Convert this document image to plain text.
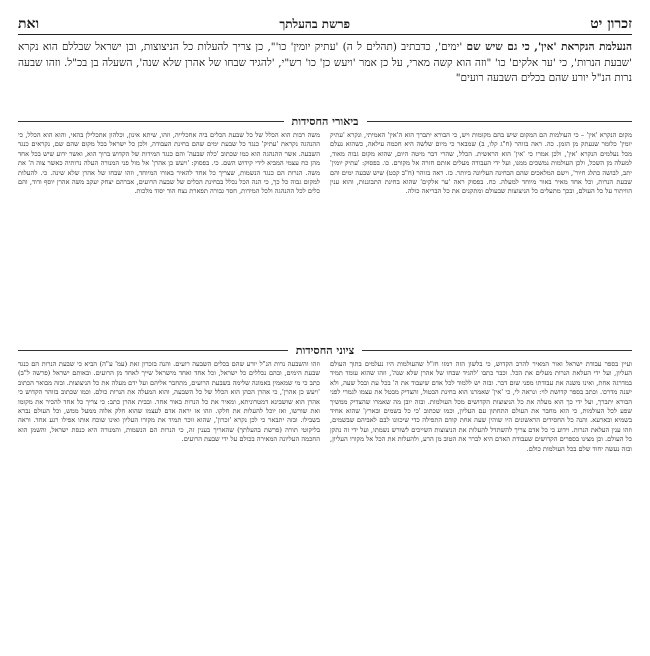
זכרון יט
פרשת בהעלתך
ואת
הנעלמת הנקראת 'אין', כי גם שיש שם 'ימים', כדבתיב (תהלים ל ה) 'עתיק יומין' כו'", כן צריך להעלות כל הניצוצות, ובן ישראל שבללם הוא נקרא 'שבעת הנרות', כי 'ער אלקים' כו' "וזה הוא קשה מארי, על כן אמר 'ויעש כן' כו' רש"י, 'להגיד שבחו של אהרן שלא שנה', השעלה בן בכ"ל. וזהו שבעה נרות הנ"ל יורע שהם בכלים השבעה רועים"
ביאורי החסידות
מקום הנקרא 'אין' – כי העולמות הם המקום שיש בהם מקומות ויש, כי הבורא יתברך הוא ה'אין' האמיתי, ונקרא 'עתיק יומין' כלומר שנעתק מן הזמן. כה. ראה בזוהר (ח"ג קלו, ב) שמבאר כי מיום שלשה היא חכמה עילאה, כשהוא נעלם מכל נעלמים הנקרא 'אין', ולכן אמרו כי 'אין' הוא הראשית. הכלל, שהרי דבר מיטה היום, שהוא מקום גבוה מאוד, למעלה מן השכל, ולכן העולמות נמשכים ממנו, ועל ידי העבודה מעלים אותם חזרה אל מקורם. כו. בפסוק: 'עתיק יומין' יתב, לבושה כתלג חיור', וישם המלאכים שהם הבחינה העליונה ביותר. כז. ראה בזוהר (ח"ב קכט) שיש שבעה ימים והם שבעת הנרות, וכל אחד מאיר באור מיוחד למעלה. כח. בפסוק ראה 'ער אלקים' שהוא בחינת התבוננות, והוא ענין הוויתור על כל העולם, ובכך מתעלים כל הניצוצות שבעולם ומתקנים את כל הבריאה כולה.
משה רבות הוא הכלל של כל שבעת הכלים ביה אחכלייה, וזהו, שיתא אינון, וכלהון אתכלילן בהאי, והוא הוא הכלל, כי ההנהגה נקראת 'עתיק' כנגד כל שבעת ימים שהם בחינת העבודה, ולכן כל ישראל בכל מקום שהם שם, נקראים כנגד השבעה. אשר ההנהגה הוא כמו שכתוב 'כלה שבעה' והם כנגד המידות של הקדוש ברוך הוא, ואשר ידוע שיש בכל אחד מהן כח עצמי המביא לידי קידוש השם. כי. בפסוק: 'ויעש כן אהרן' אל מול פני המנורה העלה נרותיה כאשר צוה ה' את משה. הנרות הם כנגד הנשמות, שצריך כל אחד להאיר באורו המיוחד, וזהו שבחו של אהרן שלא שינה. כי. להעלות למקום גבוה כל כך, כי הנה הכל נכלל בבחינת הכלים של שבעה הרועים, אברהם יצחק יעקב משה אהרן יוסף ודוד, והם כלים לכל ההנהגה ולכל המידות, חסד גבורה תפארת נצח הוד יסוד מלכות.
ציוני החסידות
ועיין בספר עבודת ישראל ואור המאיר להרב הקדוש, כי בלשון הזה רמזו חז"ל שהעולמות היו נעלמים בתוך העולם העליון, ועל ידי העלאת הנרות מעלים את הכל. וכבר כתבו 'להגיד שבחו של אהרן שלא שנה', וזהו שהוא עומד תמיד במדרגה אחת, ואינו משנה את עבודתו מפני שום דבר. ובזה יש ללמוד לכל אדם שיעבוד את ה' בכל עת ובכל שעה, ולא ישנה מדרכו. וכתב בספר קדושת לוי: ונראה לי, כי 'אין' שאמרנו הוא בחינת הבטול, והצדיק מבטל את עצמו לגמרי לפני הבורא יתברך, ועל ידי כך הוא מעלה את כל הניצוצות הקדושים מכל העולמות. ובזה יובן מה שאמרו שהצדיק ממשיך שפע לכל העולמות, כי הוא מחבר את העולם התחתון עם העליון, וכמו שכתוב 'כי כל בשמים ובארץ' שהוא אחיד בשמיא ובארעא. והנה כל החסידים הראשונים היו שוהין שעה אחת קודם התפילה כדי שיכוונו לבם לאביהם שבשמים, וזהו ענין העלאת הנרות. וידוע כי כל אדם צריך להשתדל להעלות את הניצוצות השייכים לשורש נשמתו, ועל ידי זה נתקן כל העולם. וכן מצינו בספרים הקדושים שעבודת האדם היא לברר את הטוב מן הרע, ולהעלות את הכל אל מקורו העליון, ובזה נעשה יחוד שלם בכל העולמות כולם.
וזהו והשבעה נרות הנ"ל יורע שהם בכלים השבעה רועים. והנה בזכרון זאת (עמ' ע"ה) הביא כי שבעת הנרות הם כנגד שבעת הימים, ובהם נכללים כל ישראל, וכל אחד ואחד מישראל שייך לאחד מן הרועים. ובאותם ישראל (פרשה ל"ב) כתב כי מי שמאמין באמונה שלימה בשבעת הרועים, מתחבר אליהם ועל ידם מעלה את כל הניצוצות. ובזה מבואר הכתוב 'ויעש כן אהרן', כי אהרן הכהן הוא הכלל של כל השבעה, והוא המעלה את הנרות כולם. וכמו שכתוב בזוהר הקדוש כי אהרן הוא שושבינא דמטרוניתא, ומאיר את כל הנרות באור אחד. ובבית אהרן כתב: כי צריך כל אחד להכיר את מקומו ואת שורשו, ואז יוכל להעלות את חלקו. וזהו אז יראה אדם לעצמו שהוא חלק אלוה ממעל ממש, וכל העולם נברא בשבילו. ובזה יתבאר כי לכן נקרא 'זכרון', שהוא זוכר תמיד את מקורו העליון ואינו שוכח אותו אפילו רגע אחד. וראה בליקוטי תורה (פרשת בהעלתך) שהאריך בענין זה, כי הנרות הם הנשמות, והמנורה היא כנסת ישראל, והשמן הוא החכמה העליונה המאירה בכולם על ידי שבעת הרועים.
